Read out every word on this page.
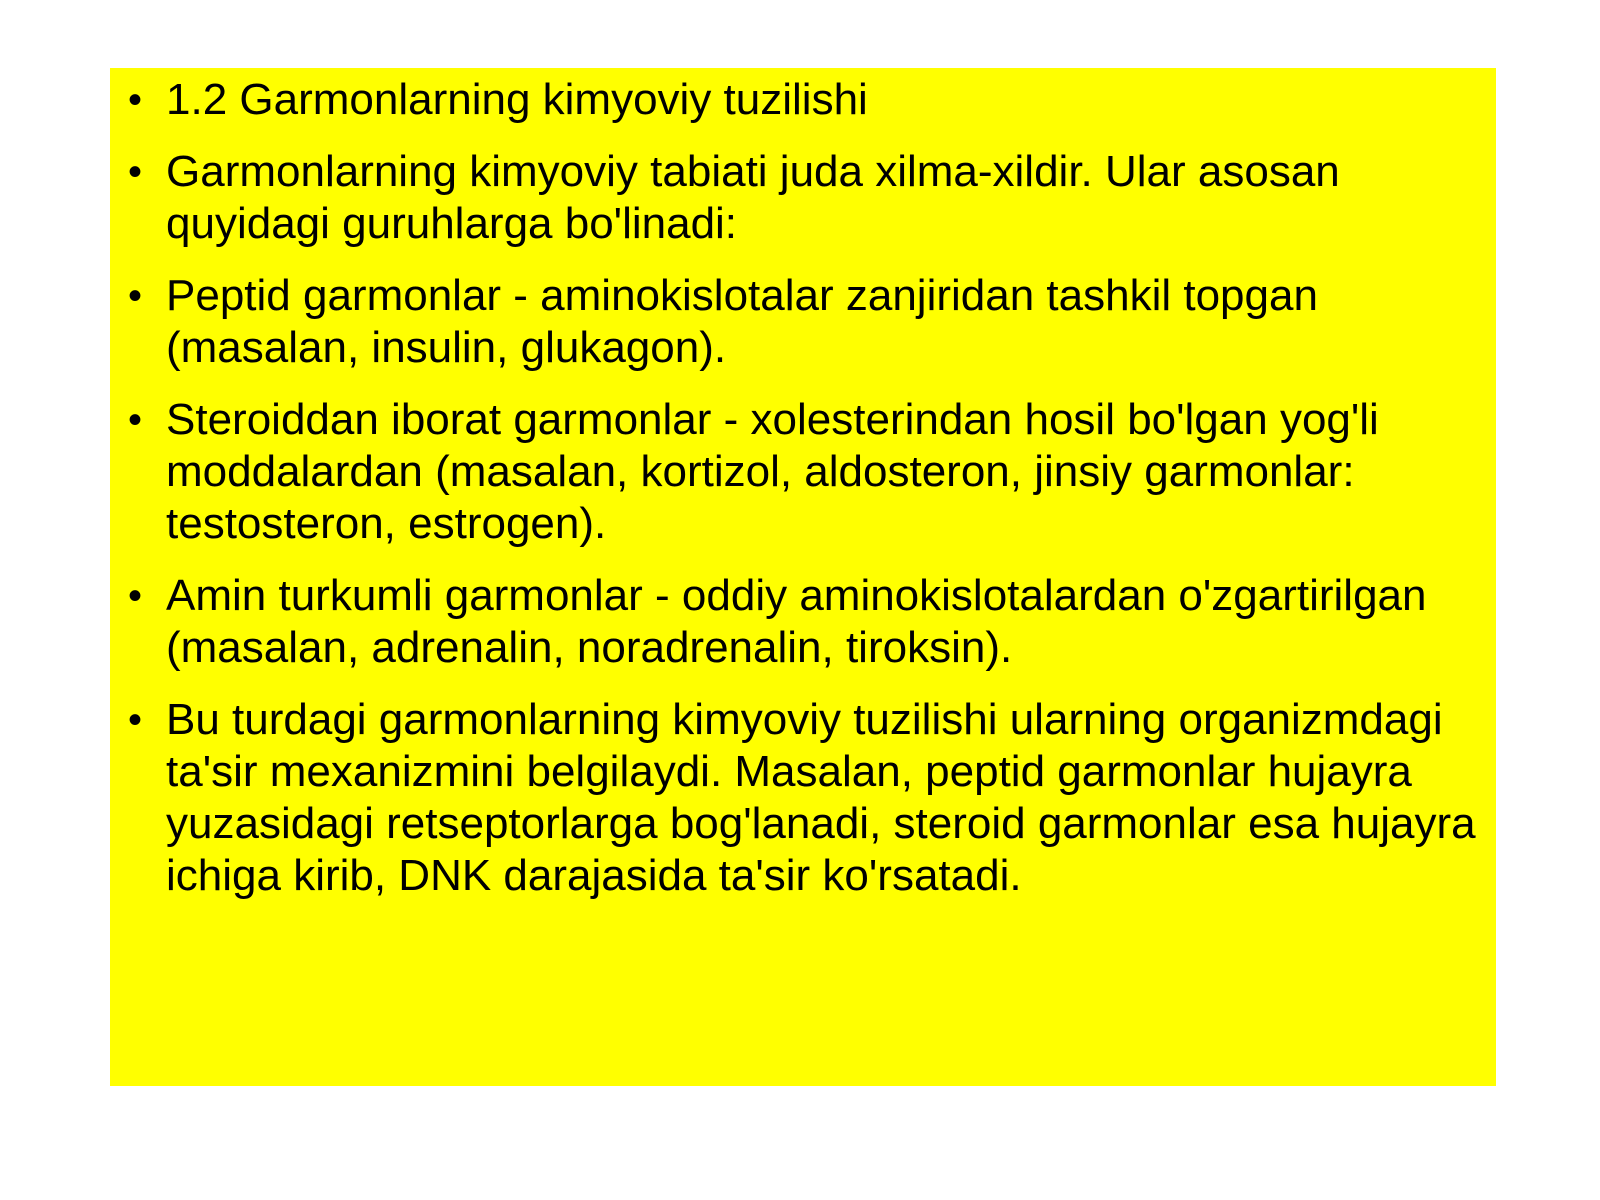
• 1.2 Garmonlarning kimyoviy tuzilishi
• Garmonlarning kimyoviy tabiati juda xilma-xildir. Ular asosan quyidagi guruhlarga bo'linadi:
• Peptid garmonlar - aminokislotalar zanjiridan tashkil topgan (masalan, insulin, glukagon).
• Steroiddan iborat garmonlar - xolesterindan hosil bo'lgan yog'li moddalardan (masalan, kortizol, aldosteron, jinsiy garmonlar: testosteron, estrogen).
• Amin turkumli garmonlar - oddiy aminokislotalardan o'zgartirilgan (masalan, adrenalin, noradrenalin, tiroksin).
• Bu turdagi garmonlarning kimyoviy tuzilishi ularning organizmdagi ta'sir mexanizmini belgilaydi. Masalan, peptid garmonlar hujayra yuzasidagi retseptorlarga bog'lanadi, steroid garmonlar esa hujayra ichiga kirib, DNK darajasida ta'sir ko'rsatadi.
